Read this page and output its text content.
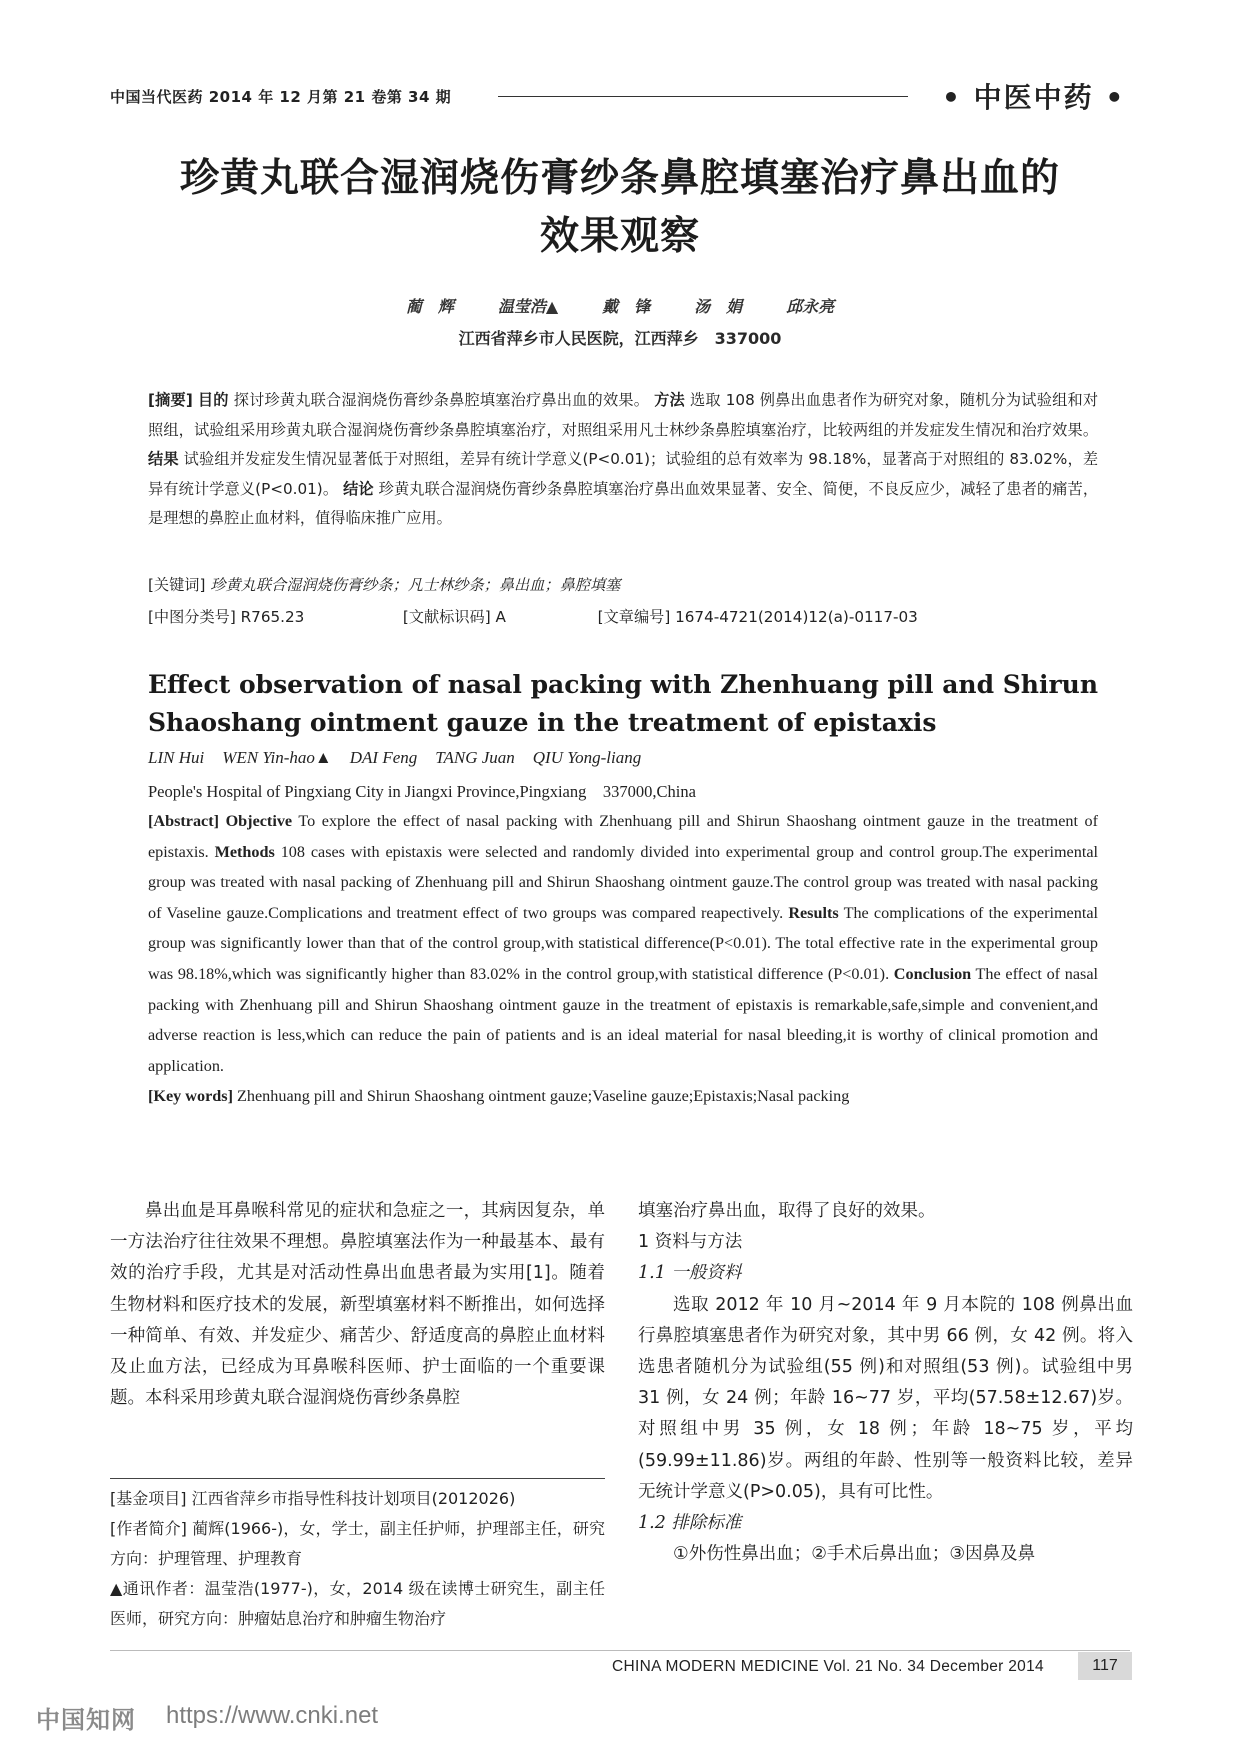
中国当代医药 2014 年 12 月第 21 卷第 34 期	• 中医中药 •
珍黄丸联合湿润烧伤膏纱条鼻腔填塞治疗鼻出血的
效果观察
蔺　辉	温莹浩▲	戴　锋	汤　娟	邱永亮
江西省萍乡市人民医院，江西萍乡　337000
[摘要] 目的 探讨珍黄丸联合湿润烧伤膏纱条鼻腔填塞治疗鼻出血的效果。 方法 选取 108 例鼻出血患者作为研究对象，随机分为试验组和对照组，试验组采用珍黄丸联合湿润烧伤膏纱条鼻腔填塞治疗，对照组采用凡士林纱条鼻腔填塞治疗，比较两组的并发症发生情况和治疗效果。 结果 试验组并发症发生情况显著低于对照组，差异有统计学意义(P<0.01)；试验组的总有效率为 98.18%，显著高于对照组的 83.02%，差异有统计学意义(P<0.01)。 结论 珍黄丸联合湿润烧伤膏纱条鼻腔填塞治疗鼻出血效果显著、安全、简便，不良反应少，减轻了患者的痛苦，是理想的鼻腔止血材料，值得临床推广应用。
[关键词] 珍黄丸联合湿润烧伤膏纱条；凡士林纱条；鼻出血；鼻腔填塞
[中图分类号] R765.23	[文献标识码] A	[文章编号] 1674-4721(2014)12(a)-0117-03
Effect observation of nasal packing with Zhenhuang pill and Shirun
Shaoshang ointment gauze in the treatment of epistaxis
LIN Hui WEN Yin-hao▲ DAI Feng TANG Juan QIU Yong-liang
People's Hospital of Pingxiang City in Jiangxi Province,Pingxiang　337000,China
[Abstract] Objective To explore the effect of nasal packing with Zhenhuang pill and Shirun Shaoshang ointment gauze in the treatment of epistaxis. Methods 108 cases with epistaxis were selected and randomly divided into experimental group and control group.The experimental group was treated with nasal packing of Zhenhuang pill and Shirun Shaoshang ointment gauze.The control group was treated with nasal packing of Vaseline gauze.Complications and treatment effect of two groups was compared reapectively. Results The complications of the experimental group was significantly lower than that of the control group,with statistical difference(P<0.01). The total effective rate in the experimental group was 98.18%,which was significantly higher than 83.02% in the control group,with statistical difference (P<0.01). Conclusion The effect of nasal packing with Zhenhuang pill and Shirun Shaoshang ointment gauze in the treatment of epistaxis is remarkable,safe,simple and convenient,and adverse reaction is less,which can reduce the pain of patients and is an ideal material for nasal bleeding,it is worthy of clinical promotion and application.
[Key words] Zhenhuang pill and Shirun Shaoshang ointment gauze;Vaseline gauze;Epistaxis;Nasal packing
鼻出血是耳鼻喉科常见的症状和急症之一，其病因复杂，单一方法治疗往往效果不理想。鼻腔填塞法作为一种最基本、最有效的治疗手段，尤其是对活动性鼻出血患者最为实用[1]。随着生物材料和医疗技术的发展，新型填塞材料不断推出，如何选择一种简单、有效、并发症少、痛苦少、舒适度高的鼻腔止血材料及止血方法，已经成为耳鼻喉科医师、护士面临的一个重要课题。本科采用珍黄丸联合湿润烧伤膏纱条鼻腔
[基金项目] 江西省萍乡市指导性科技计划项目(2012026)
[作者简介] 蔺辉(1966-)，女，学士，副主任护师，护理部主任，研究方向：护理管理、护理教育
▲通讯作者：温莹浩(1977-)，女，2014 级在读博士研究生，副主任医师，研究方向：肿瘤姑息治疗和肿瘤生物治疗
填塞治疗鼻出血，取得了良好的效果。
1 资料与方法
1.1 一般资料
选取 2012 年 10 月~2014 年 9 月本院的 108 例鼻出血行鼻腔填塞患者作为研究对象，其中男 66 例，女 42 例。将入选患者随机分为试验组(55 例)和对照组(53 例)。试验组中男 31 例，女 24 例；年龄 16~77 岁，平均(57.58±12.67)岁。对照组中男 35 例，女 18 例；年龄 18~75 岁，平均(59.99±11.86)岁。两组的年龄、性别等一般资料比较，差异无统计学意义(P>0.05)，具有可比性。
1.2 排除标准
①外伤性鼻出血；②手术后鼻出血；③因鼻及鼻
CHINA MODERN MEDICINE Vol. 21 No. 34 December 2014	117
中国知网 https://www.cnki.net
